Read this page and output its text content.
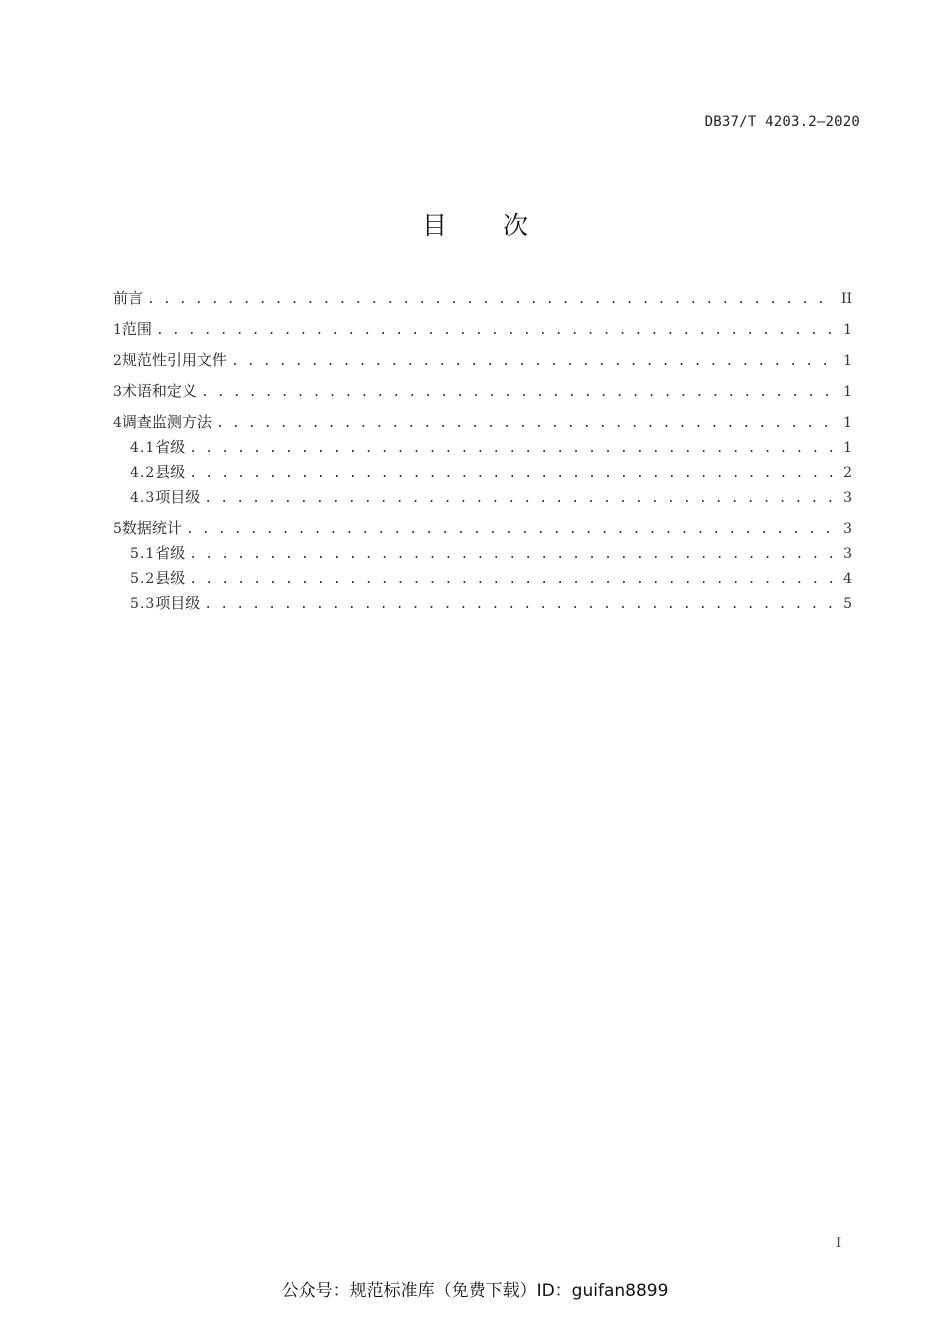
DB37/T 4203.2—2020
目 次
前言 . . .	II
1 范围 . . .	1
2 规范性引用文件 . . .	1
3 术语和定义 . . .	1
4 调查监测方法 . . .	1
4.1 省级 . . .	1
4.2 县级 . . .	2
4.3 项目级 . . .	3
5 数据统计 . . .	3
5.1 省级 . . .	3
5.2 县级 . . .	4
5.3 项目级 . . .	5
I
公众号：规范标准库（免费下载）ID：guifan8899
